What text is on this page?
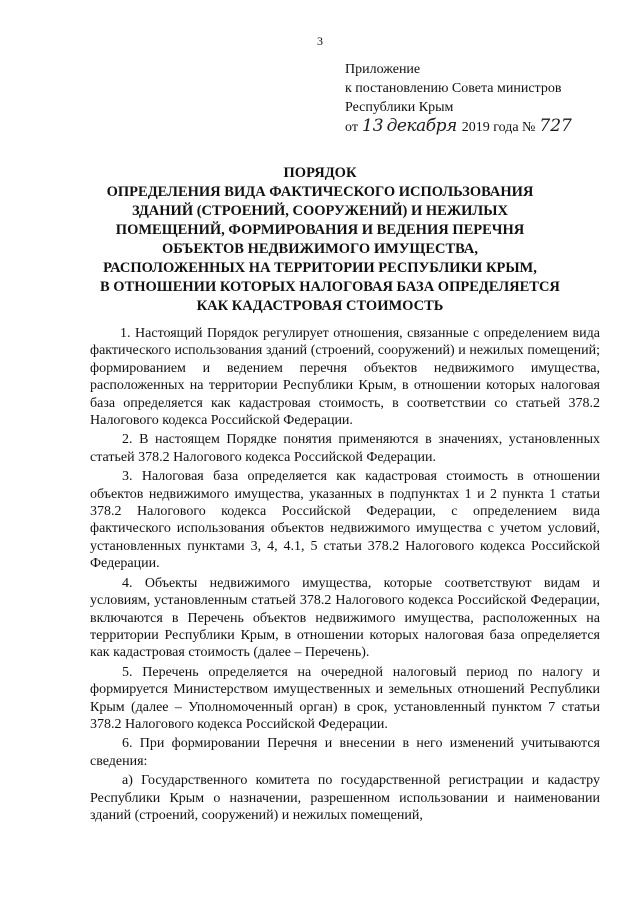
3
Приложение
к постановлению Совета министров
Республики Крым
от 13 декабря 2019 года № 727
ПОРЯДОК
ОПРЕДЕЛЕНИЯ ВИДА ФАКТИЧЕСКОГО ИСПОЛЬЗОВАНИЯ
ЗДАНИЙ (СТРОЕНИЙ, СООРУЖЕНИЙ) И НЕЖИЛЫХ
ПОМЕЩЕНИЙ, ФОРМИРОВАНИЯ И ВЕДЕНИЯ ПЕРЕЧНЯ
ОБЪЕКТОВ НЕДВИЖИМОГО ИМУЩЕСТВА,
РАСПОЛОЖЕННЫХ НА ТЕРРИТОРИИ РЕСПУБЛИКИ КРЫМ,
В ОТНОШЕНИИ КОТОРЫХ НАЛОГОВАЯ БАЗА ОПРЕДЕЛЯЕТСЯ
КАК КАДАСТРОВАЯ СТОИМОСТЬ

1. Настоящий Порядок регулирует отношения, связанные с определением вида фактического использования зданий (строений, сооружений) и нежилых помещений; формированием и ведением перечня объектов недвижимого имущества, расположенных на территории Республики Крым, в отношении которых налоговая база определяется как кадастровая стоимость, в соответствии со статьей 378.2 Налогового кодекса Российской Федерации.

2. В настоящем Порядке понятия применяются в значениях, установленных статьей 378.2 Налогового кодекса Российской Федерации.

3. Налоговая база определяется как кадастровая стоимость в отношении объектов недвижимого имущества, указанных в подпунктах 1 и 2 пункта 1 статьи 378.2 Налогового кодекса Российской Федерации, с определением вида фактического использования объектов недвижимого имущества с учетом условий, установленных пунктами 3, 4, 4.1, 5 статьи 378.2 Налогового кодекса Российской Федерации.

4. Объекты недвижимого имущества, которые соответствуют видам и условиям, установленным статьей 378.2 Налогового кодекса Российской Федерации, включаются в Перечень объектов недвижимого имущества, расположенных на территории Республики Крым, в отношении которых налоговая база определяется как кадастровая стоимость (далее – Перечень).

5. Перечень определяется на очередной налоговый период по налогу и формируется Министерством имущественных и земельных отношений Республики Крым (далее – Уполномоченный орган) в срок, установленный пунктом 7 статьи 378.2 Налогового кодекса Российской Федерации.

6. При формировании Перечня и внесении в него изменений учитываются сведения:

а) Государственного комитета по государственной регистрации и кадастру Республики Крым о назначении, разрешенном использовании и наименовании зданий (строений, сооружений) и нежилых помещений,
